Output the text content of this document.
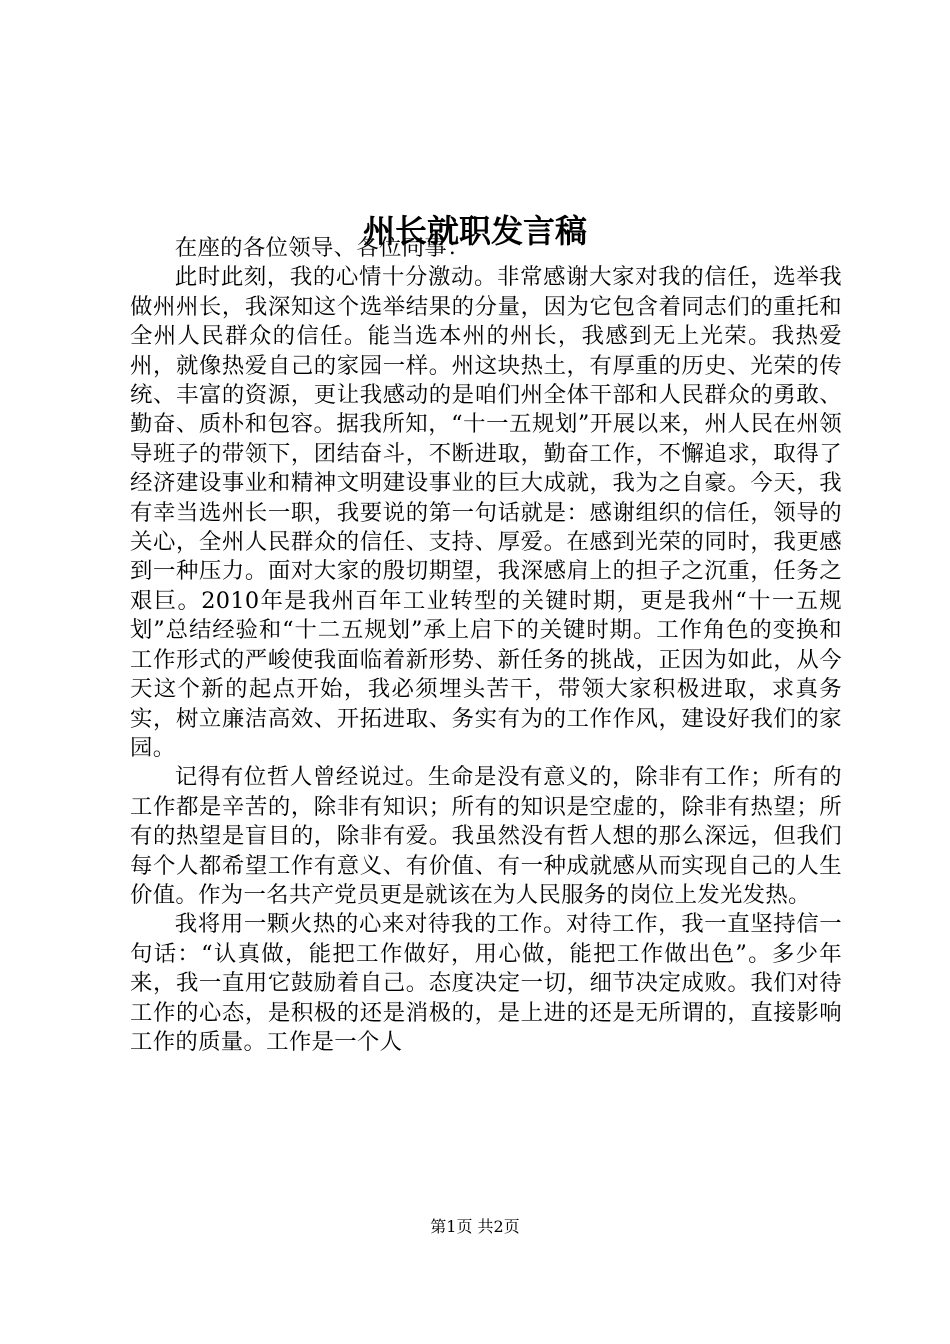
州长就职发言稿

在座的各位领导、各位同事：

此时此刻，我的心情十分激动。非常感谢大家对我的信任，选举我做州州长，我深知这个选举结果的分量，因为它包含着同志们的重托和全州人民群众的信任。能当选本州的州长，我感到无上光荣。我热爱州，就像热爱自己的家园一样。州这块热土，有厚重的历史、光荣的传统、丰富的资源，更让我感动的是咱们州全体干部和人民群众的勇敢、勤奋、质朴和包容。据我所知，“十一五规划”开展以来，州人民在州领导班子的带领下，团结奋斗，不断进取，勤奋工作，不懈追求，取得了经济建设事业和精神文明建设事业的巨大成就，我为之自豪。今天，我有幸当选州长一职，我要说的第一句话就是：感谢组织的信任，领导的关心，全州人民群众的信任、支持、厚爱。在感到光荣的同时，我更感到一种压力。面对大家的殷切期望，我深感肩上的担子之沉重，任务之艰巨。2010年是我州百年工业转型的关键时期，更是我州“十一五规划”总结经验和“十二五规划”承上启下的关键时期。工作角色的变换和工作形式的严峻使我面临着新形势、新任务的挑战，正因为如此，从今天这个新的起点开始，我必须埋头苦干，带领大家积极进取，求真务实，树立廉洁高效、开拓进取、务实有为的工作作风，建设好我们的家园。

记得有位哲人曾经说过。生命是没有意义的，除非有工作；所有的工作都是辛苦的，除非有知识；所有的知识是空虚的，除非有热望；所有的热望是盲目的，除非有爱。我虽然没有哲人想的那么深远，但我们每个人都希望工作有意义、有价值、有一种成就感从而实现自己的人生价值。作为一名共产党员更是就该在为人民服务的岗位上发光发热。

我将用一颗火热的心来对待我的工作。对待工作，我一直坚持信一句话：“认真做，能把工作做好，用心做，能把工作做出色”。多少年来，我一直用它鼓励着自己。态度决定一切，细节决定成败。我们对待工作的心态，是积极的还是消极的，是上进的还是无所谓的，直接影响工作的质量。工作是一个人

第1页 共2页
